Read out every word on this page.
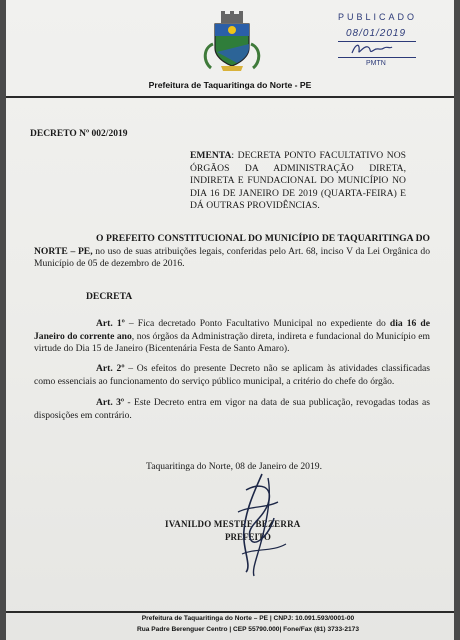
Prefeitura de Taquaritinga do Norte - PE
PUBLICADO
08/01/2019
PMTN
DECRETO Nº 002/2019
EMENTA: DECRETA PONTO FACULTATIVO NOS ÓRGÃOS DA ADMINISTRAÇÃO DIRETA, INDIRETA E FUNDACIONAL DO MUNICÍPIO NO DIA 16 DE JANEIRO DE 2019 (QUARTA-FEIRA) E DÁ OUTRAS PROVIDÊNCIAS.
O PREFEITO CONSTITUCIONAL DO MUNICÍPIO DE TAQUARITINGA DO NORTE – PE, no uso de suas atribuições legais, conferidas pelo Art. 68, inciso V da Lei Orgânica do Município de 05 de dezembro de 2016.
DECRETA
Art. 1º – Fica decretado Ponto Facultativo Municipal no expediente do dia 16 de Janeiro do corrente ano, nos órgãos da Administração direta, indireta e fundacional do Município em virtude do Dia 15 de Janeiro (Bicentenária Festa de Santo Amaro).
Art. 2º – Os efeitos do presente Decreto não se aplicam às atividades classificadas como essenciais ao funcionamento do serviço público municipal, a critério do chefe do órgão.
Art. 3º - Este Decreto entra em vigor na data de sua publicação, revogadas todas as disposições em contrário.
Taquaritinga do Norte, 08 de Janeiro de 2019.
IVANILDO MESTRE BEZERRA
PREFEITO
Prefeitura de Taquaritinga do Norte – PE | CNPJ: 10.091.593/0001-00
Rua Padre Berenguer Centro | CEP 55790.000| Fone/Fax (81) 3733-2173
